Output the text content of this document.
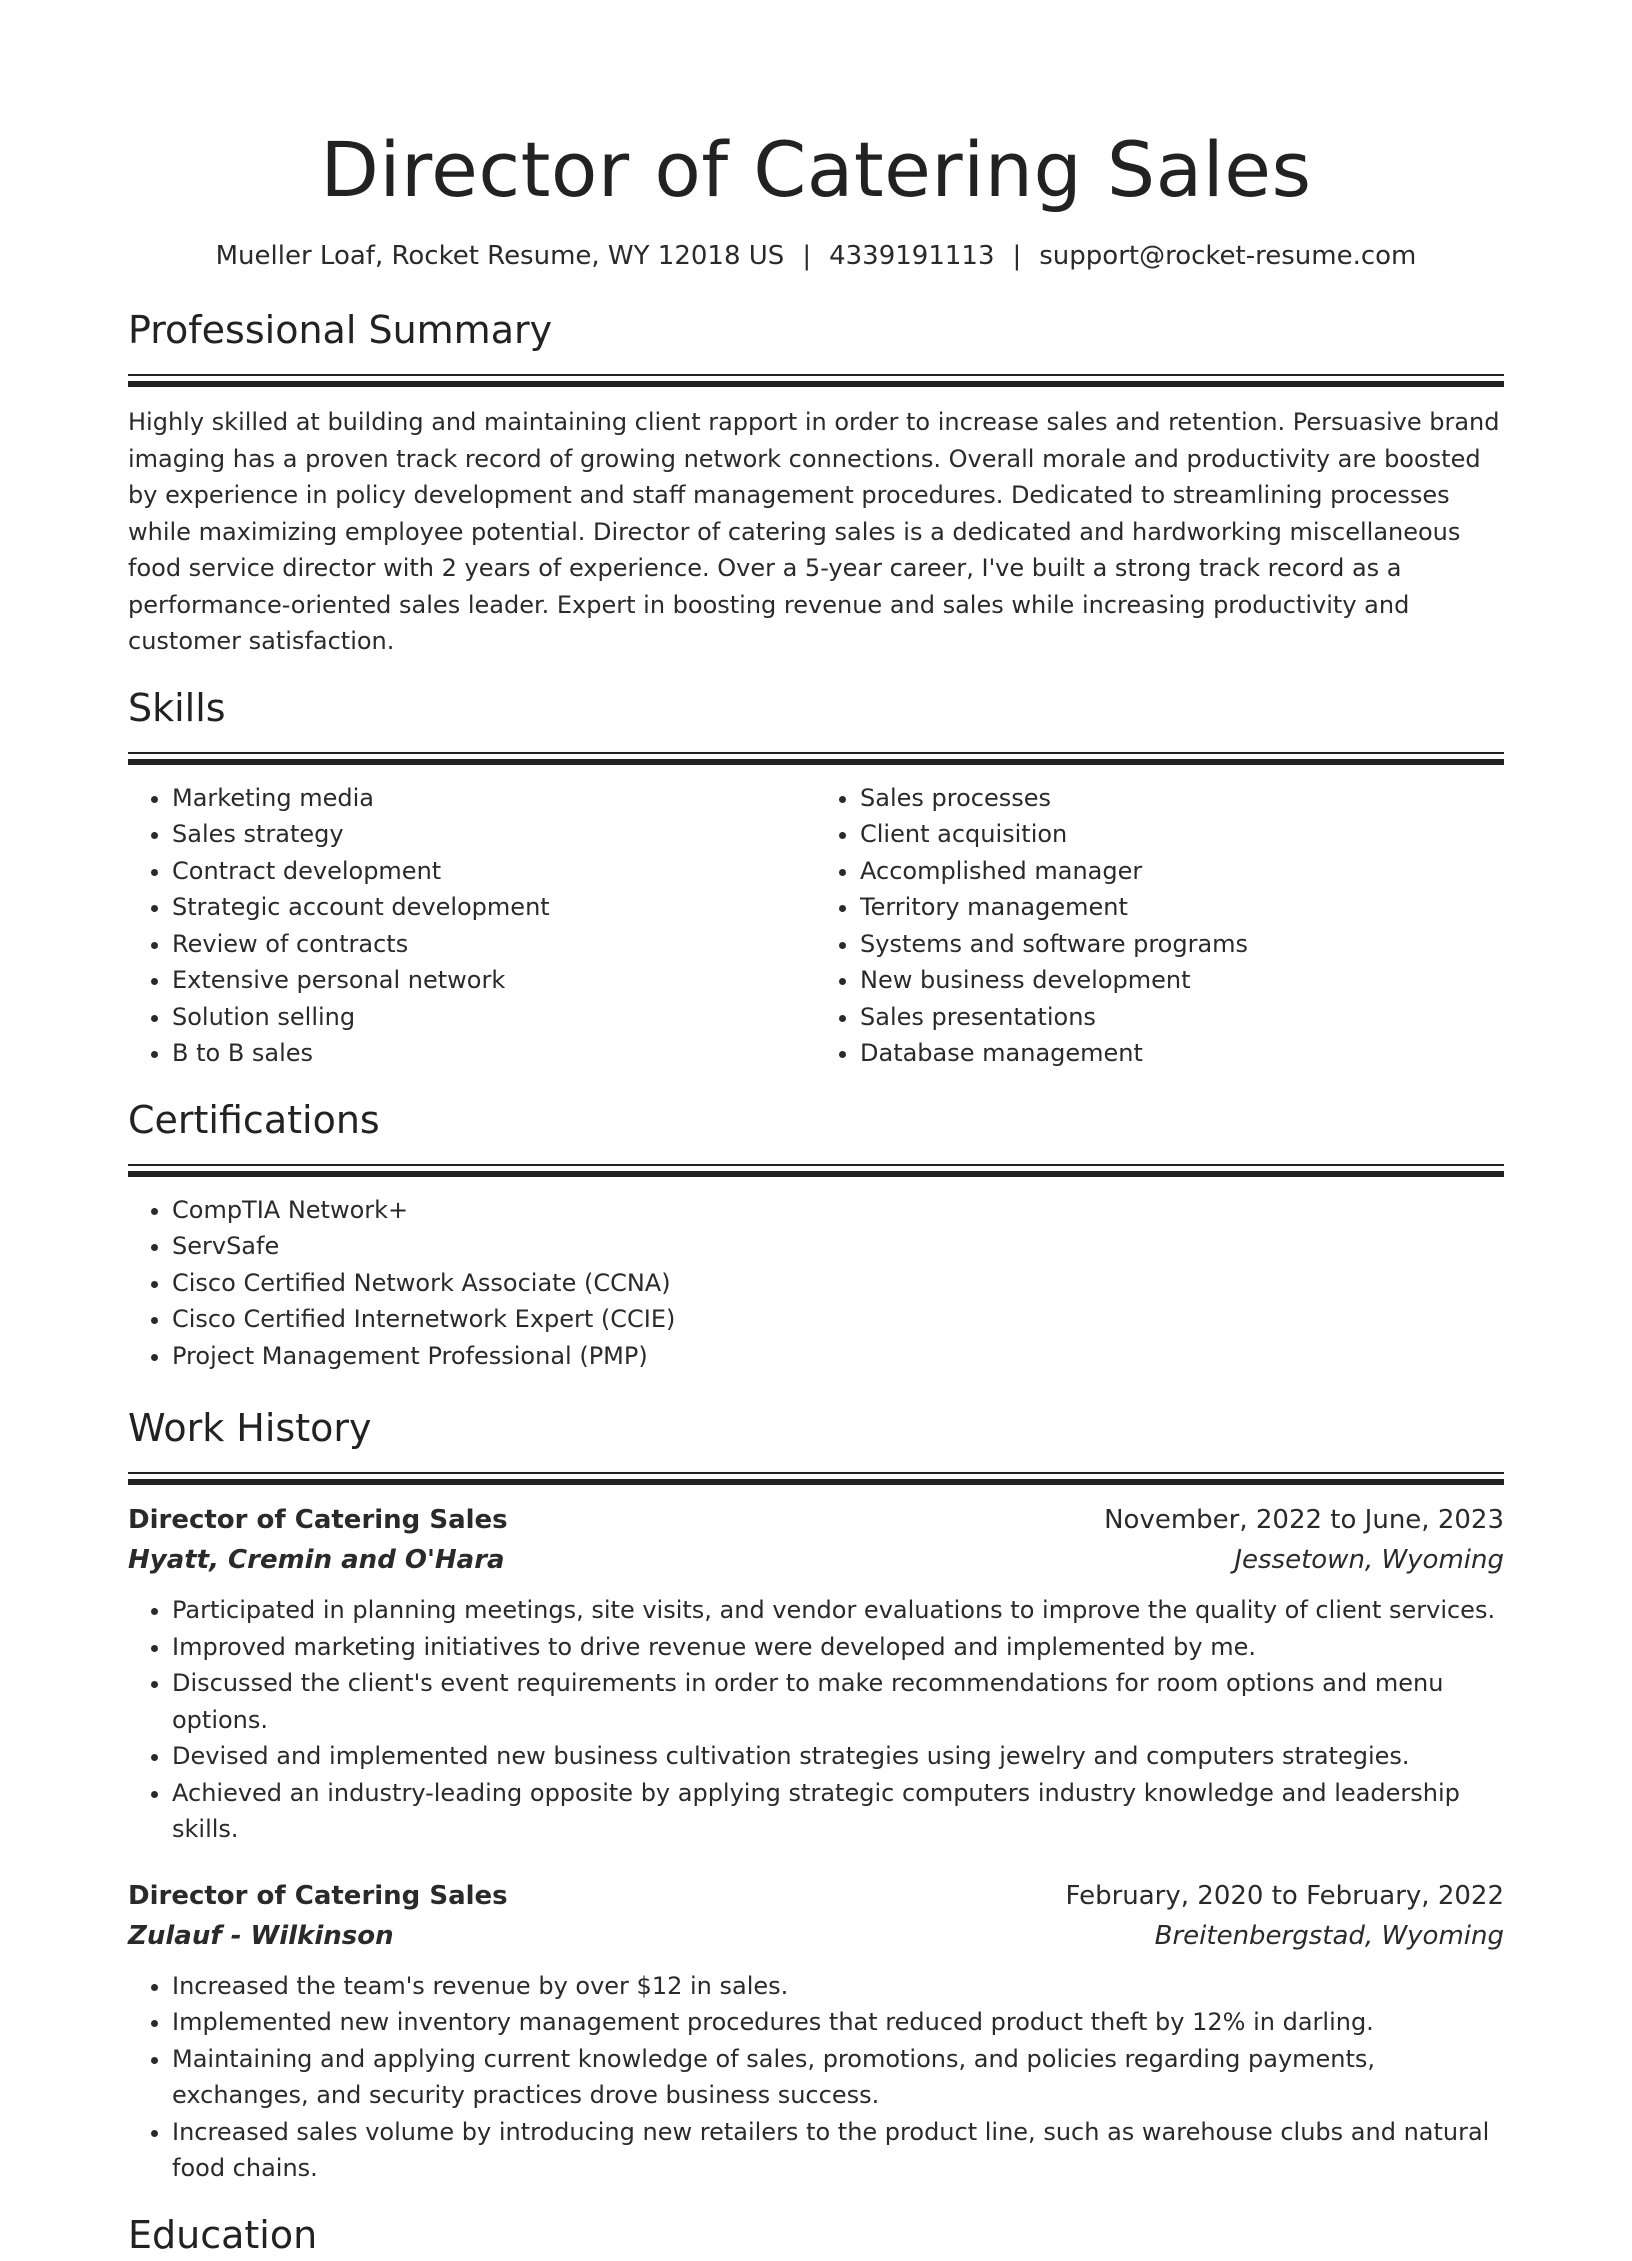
Director of Catering Sales
Mueller Loaf, Rocket Resume, WY 12018 US | 4339191113 | support@rocket-resume.com
Professional Summary

Highly skilled at building and maintaining client rapport in order to increase sales and retention. Persuasive brand imaging has a proven track record of growing network connections. Overall morale and productivity are boosted by experience in policy development and staff management procedures. Dedicated to streamlining processes while maximizing employee potential. Director of catering sales is a dedicated and hardworking miscellaneous food service director with 2 years of experience. Over a 5-year career, I've built a strong track record as a performance-oriented sales leader. Expert in boosting revenue and sales while increasing productivity and customer satisfaction.

Skills
• Marketing media
• Sales strategy
• Contract development
• Strategic account development
• Review of contracts
• Extensive personal network
• Solution selling
• B to B sales
• Sales processes
• Client acquisition
• Accomplished manager
• Territory management
• Systems and software programs
• New business development
• Sales presentations
• Database management
Certifications
• CompTIA Network+
• ServSafe
• Cisco Certified Network Associate (CCNA)
• Cisco Certified Internetwork Expert (CCIE)
• Project Management Professional (PMP)
Work History
Director of Catering Sales	November, 2022 to June, 2023
Hyatt, Cremin and O'Hara	Jessetown, Wyoming
• Participated in planning meetings, site visits, and vendor evaluations to improve the quality of client services.
• Improved marketing initiatives to drive revenue were developed and implemented by me.
• Discussed the client's event requirements in order to make recommendations for room options and menu options.
• Devised and implemented new business cultivation strategies using jewelry and computers strategies.
• Achieved an industry-leading opposite by applying strategic computers industry knowledge and leadership skills.
Director of Catering Sales	February, 2020 to February, 2022
Zulauf - Wilkinson	Breitenbergstad, Wyoming
• Increased the team's revenue by over $12 in sales.
• Implemented new inventory management procedures that reduced product theft by 12% in darling.
• Maintaining and applying current knowledge of sales, promotions, and policies regarding payments, exchanges, and security practices drove business success.
• Increased sales volume by introducing new retailers to the product line, such as warehouse clubs and natural food chains.
Education
